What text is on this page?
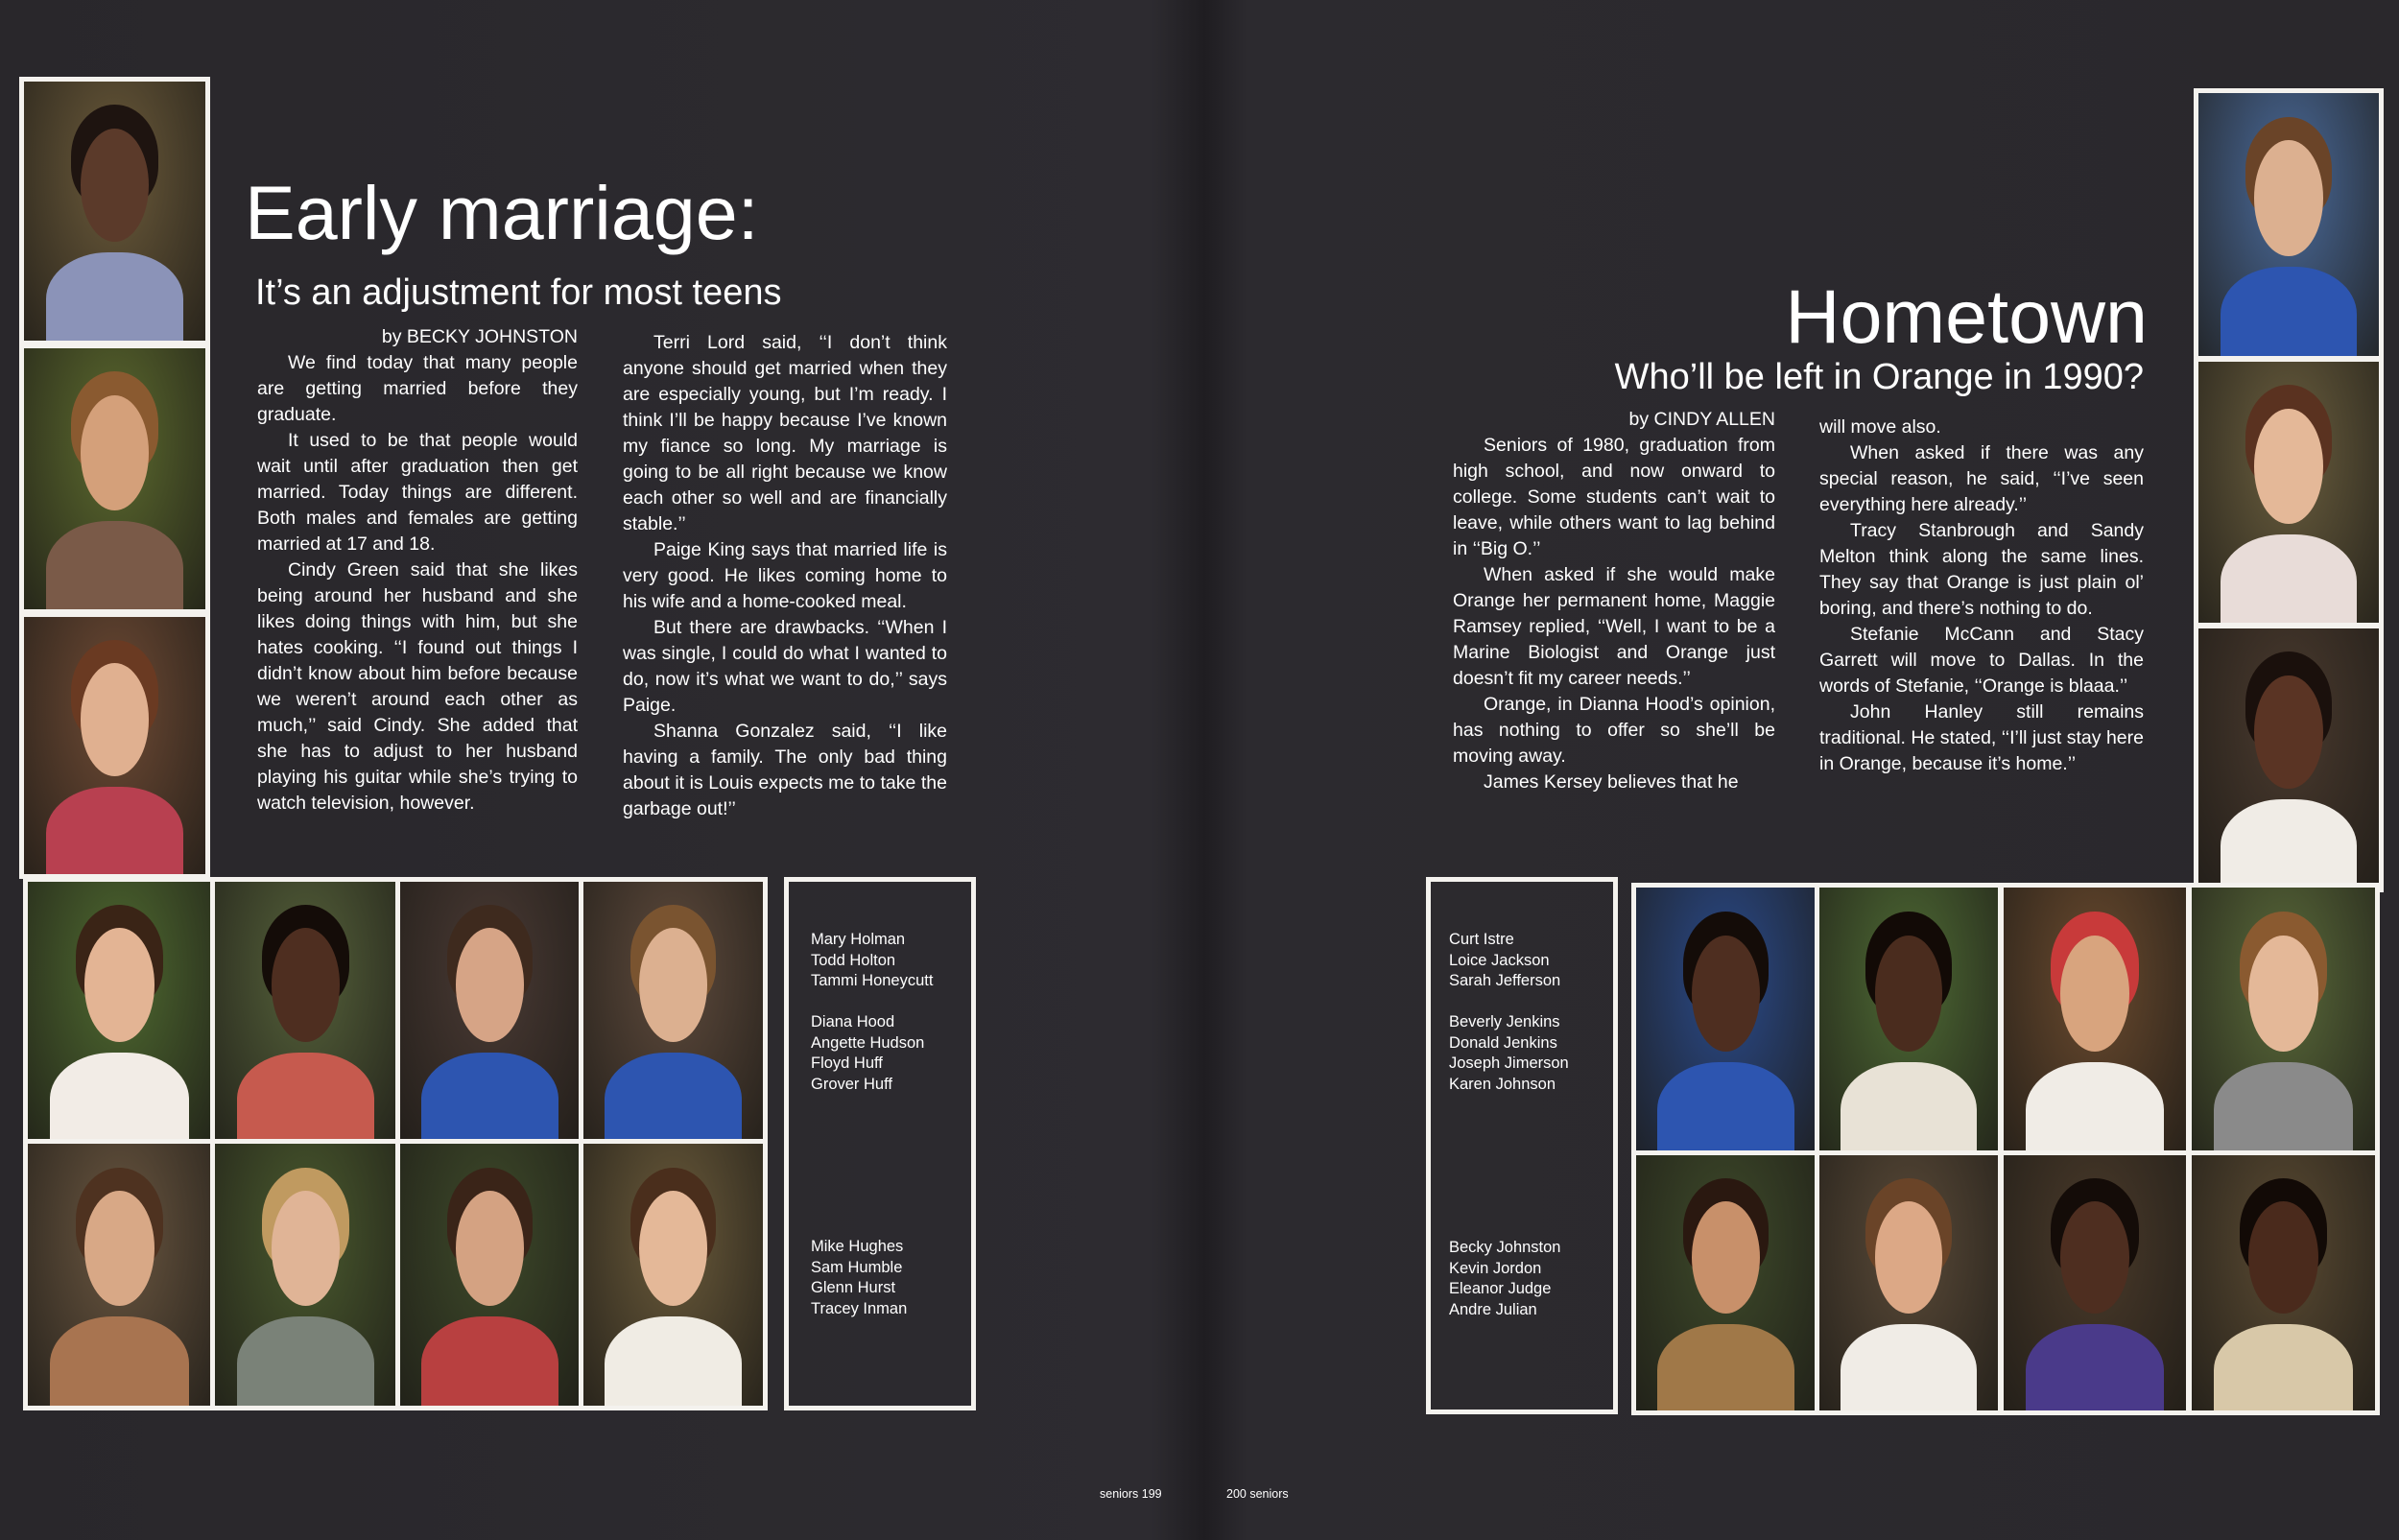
Early marriage:
It’s an adjustment for most teens

by BECKY JOHNSTON

We find today that many people are getting married before they graduate.

It used to be that people would wait until after graduation then get married. Today things are different. Both males and females are getting married at 17 and 18.

Cindy Green said that she likes being around her husband and she likes doing things with him, but she hates cooking. ‘‘I found out things I didn’t know about him before because we weren’t around each other as much,’’ said Cindy. She added that she has to adjust to her husband playing his guitar while she’s trying to watch television, however.

Terri Lord said, ‘‘I don’t think anyone should get married when they are especially young, but I’m ready. I think I’ll be happy because I’ve known my fiance so long. My marriage is going to be all right because we know each other so well and are financially stable.’’

Paige King says that married life is very good. He likes coming home to his wife and a home-cooked meal.

But there are drawbacks. ‘‘When I was single, I could do what I wanted to do, now it’s what we want to do,’’ says Paige.

Shanna Gonzalez said, ‘‘I like having a family. The only bad thing about it is Louis expects me to take the garbage out!’’

Mary Holman
Todd Holton
Tammi Honeycutt

Diana Hood
Angette Hudson
Floyd Huff
Grover Huff
Mike Hughes
Sam Humble
Glenn Hurst
Tracey Inman
seniors 199	200 seniors
Hometown
Who’ll be left in Orange in 1990?

by CINDY ALLEN

Seniors of 1980, graduation from high school, and now onward to college. Some students can’t wait to leave, while others want to lag behind in ‘‘Big O.’’

When asked if she would make Orange her permanent home, Maggie Ramsey replied, ‘‘Well, I want to be a Marine Biologist and Orange just doesn’t fit my career needs.’’

Orange, in Dianna Hood’s opinion, has nothing to offer so she’ll be moving away.

James Kersey believes that he

will move also.

When asked if there was any special reason, he said, ‘‘I’ve seen everything here already.’’

Tracy Stanbrough and Sandy Melton think along the same lines. They say that Orange is just plain ol’ boring, and there’s nothing to do.

Stefanie McCann and Stacy Garrett will move to Dallas. In the words of Stefanie, ‘‘Orange is blaaa.’’

John Hanley still remains traditional. He stated, ‘‘I’ll just stay here in Orange, because it’s home.’’

Curt Istre
Loice Jackson
Sarah Jefferson

Beverly Jenkins
Donald Jenkins
Joseph Jimerson
Karen Johnson
Becky Johnston
Kevin Jordon
Eleanor Judge
Andre Julian
